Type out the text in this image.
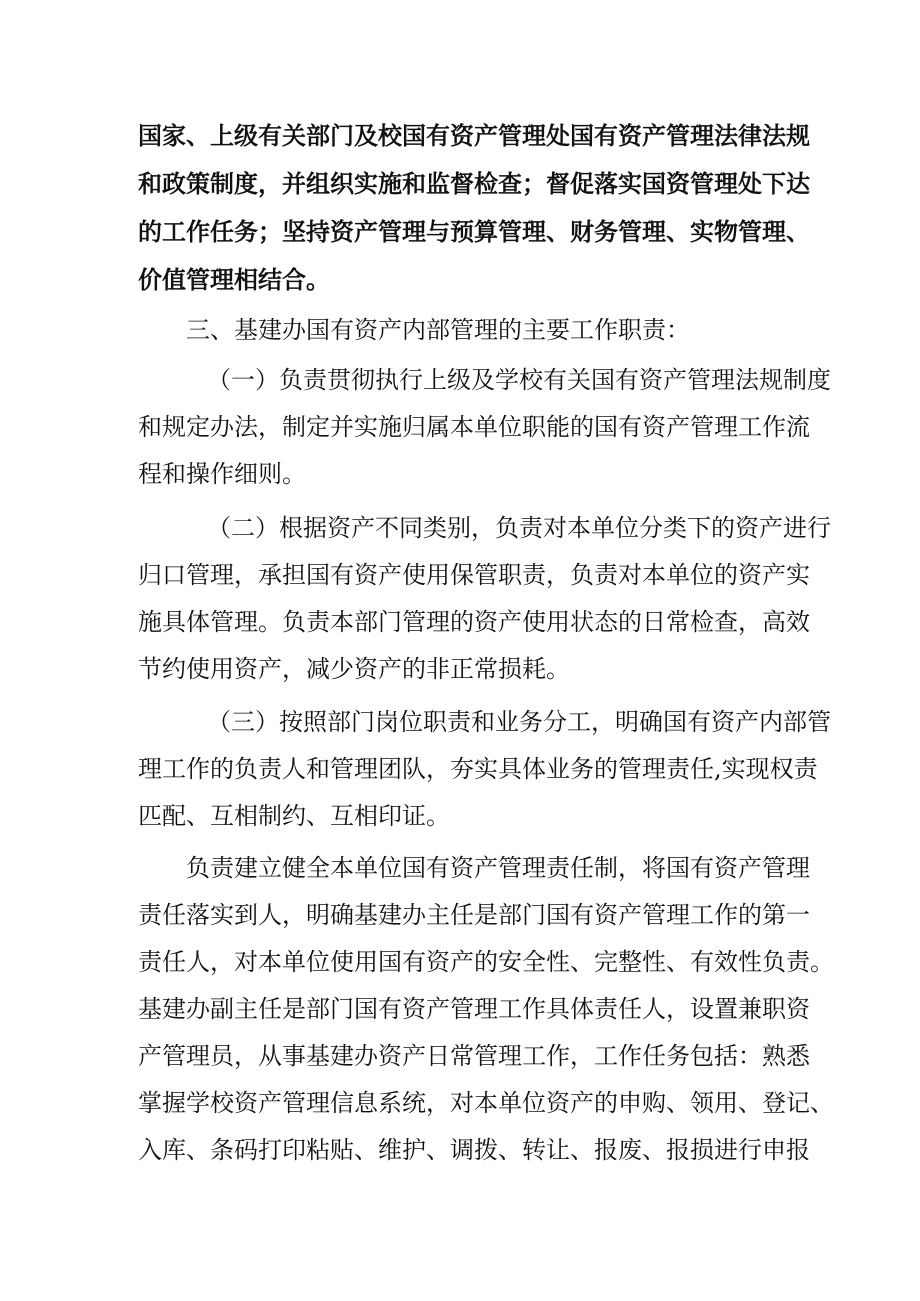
国家、上级有关部门及校国有资产管理处国有资产管理法律法规
和政策制度，并组织实施和监督检查；督促落实国资管理处下达
的工作任务；坚持资产管理与预算管理、财务管理、实物管理、
价值管理相结合。
三、基建办国有资产内部管理的主要工作职责：
（一）负责贯彻执行上级及学校有关国有资产管理法规制度
和规定办法，制定并实施归属本单位职能的国有资产管理工作流
程和操作细则。
（二）根据资产不同类别，负责对本单位分类下的资产进行
归口管理，承担国有资产使用保管职责，负责对本单位的资产实
施具体管理。负责本部门管理的资产使用状态的日常检查，高效
节约使用资产，减少资产的非正常损耗。
（三）按照部门岗位职责和业务分工，明确国有资产内部管
理工作的负责人和管理团队，夯实具体业务的管理责任,实现权责
匹配、互相制约、互相印证。
负责建立健全本单位国有资产管理责任制，将国有资产管理
责任落实到人，明确基建办主任是部门国有资产管理工作的第一
责任人，对本单位使用国有资产的安全性、完整性、有效性负责。
基建办副主任是部门国有资产管理工作具体责任人，设置兼职资
产管理员，从事基建办资产日常管理工作，工作任务包括：熟悉
掌握学校资产管理信息系统，对本单位资产的申购、领用、登记、
入库、条码打印粘贴、维护、调拨、转让、报废、报损进行申报
